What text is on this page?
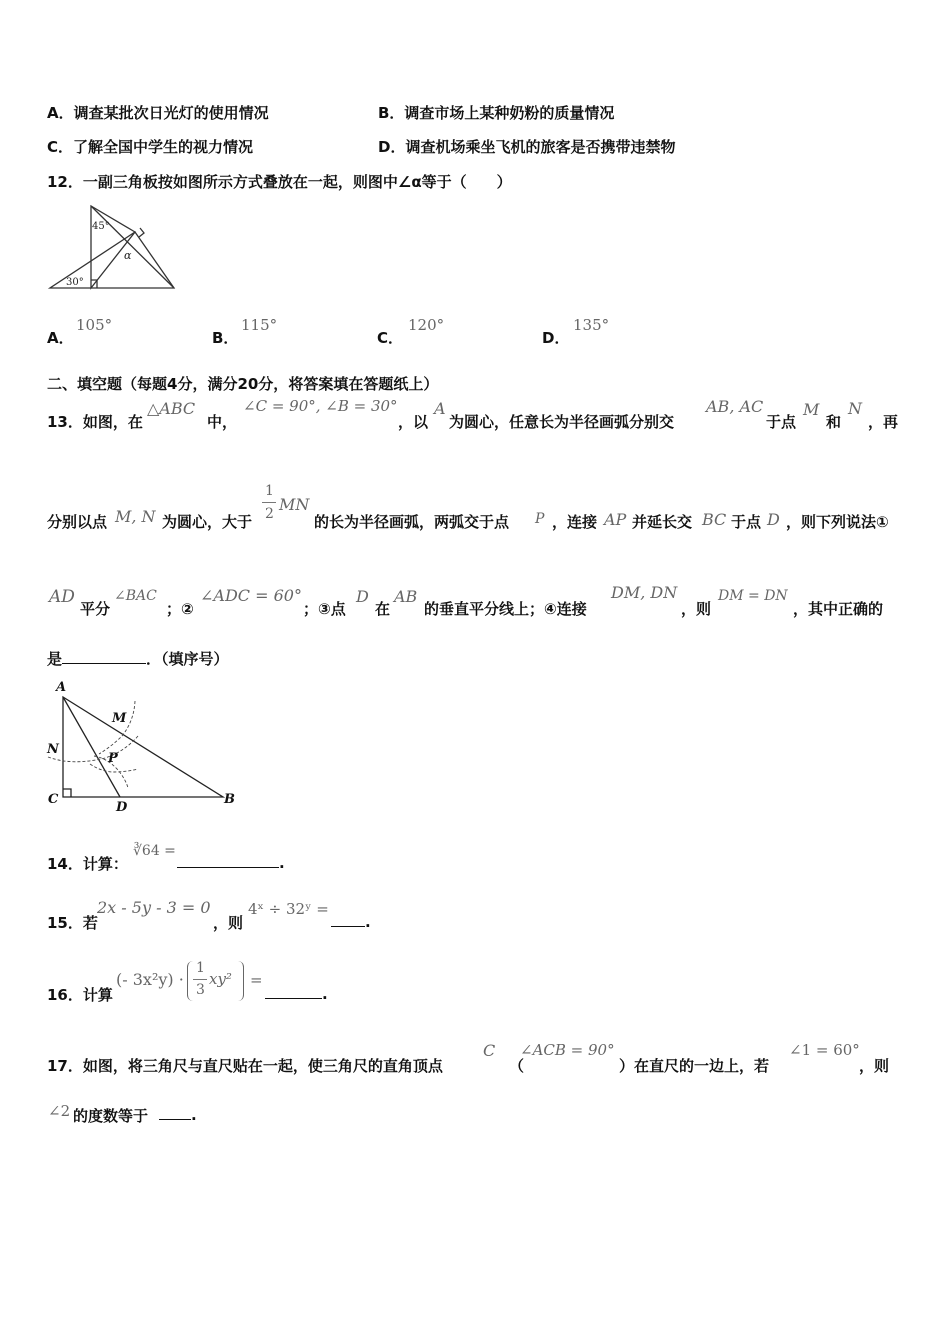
A．调查某批次日光灯的使用情况	B．调查市场上某种奶粉的质量情况
C．了解全国中学生的视力情况	D．调查机场乘坐飞机的旅客是否携带违禁物
12．一副三角板按如图所示方式叠放在一起，则图中∠α等于（　　）
45°
α
30°
A．
105°
B．
115°
C．
120°
D．
135°
二、填空题（每题4分，满分20分，将答案填在答题纸上）
13．如图，在
△ABC
中，
∠C = 90°, ∠B = 30°
，以
A
为圆心，任意长为半径画弧分别交
AB, AC
于点
M
和
N
，再
分别以点 M, N 为圆心，大于
1
2 MN
的长为半径画弧，两弧交于点 P ，连接 AP 并延长交 BC 于点 D ，则下列说法①
AD
平分
∠BAC
；②
∠ADC = 60°
；③点
D
在
AB
的垂直平分线上；④连接
DM, DN
，则
DM = DN
，其中正确的
是	．（填序号）
A
M
N
P
C
D
B
14．计算：
∛64 =
.
15．若
2x - 5y - 3 = 0
，则
4ˣ ÷ 32ʸ =
.
16．计算
(- 3x²y) ·
1
3
xy² =
.
17．如图，将三角尺与直尺贴在一起，使三角尺的直角顶点
C
（
∠ACB = 90°
）在直尺的一边上，若
∠1 = 60°
，则
∠2 的度数等于	.
